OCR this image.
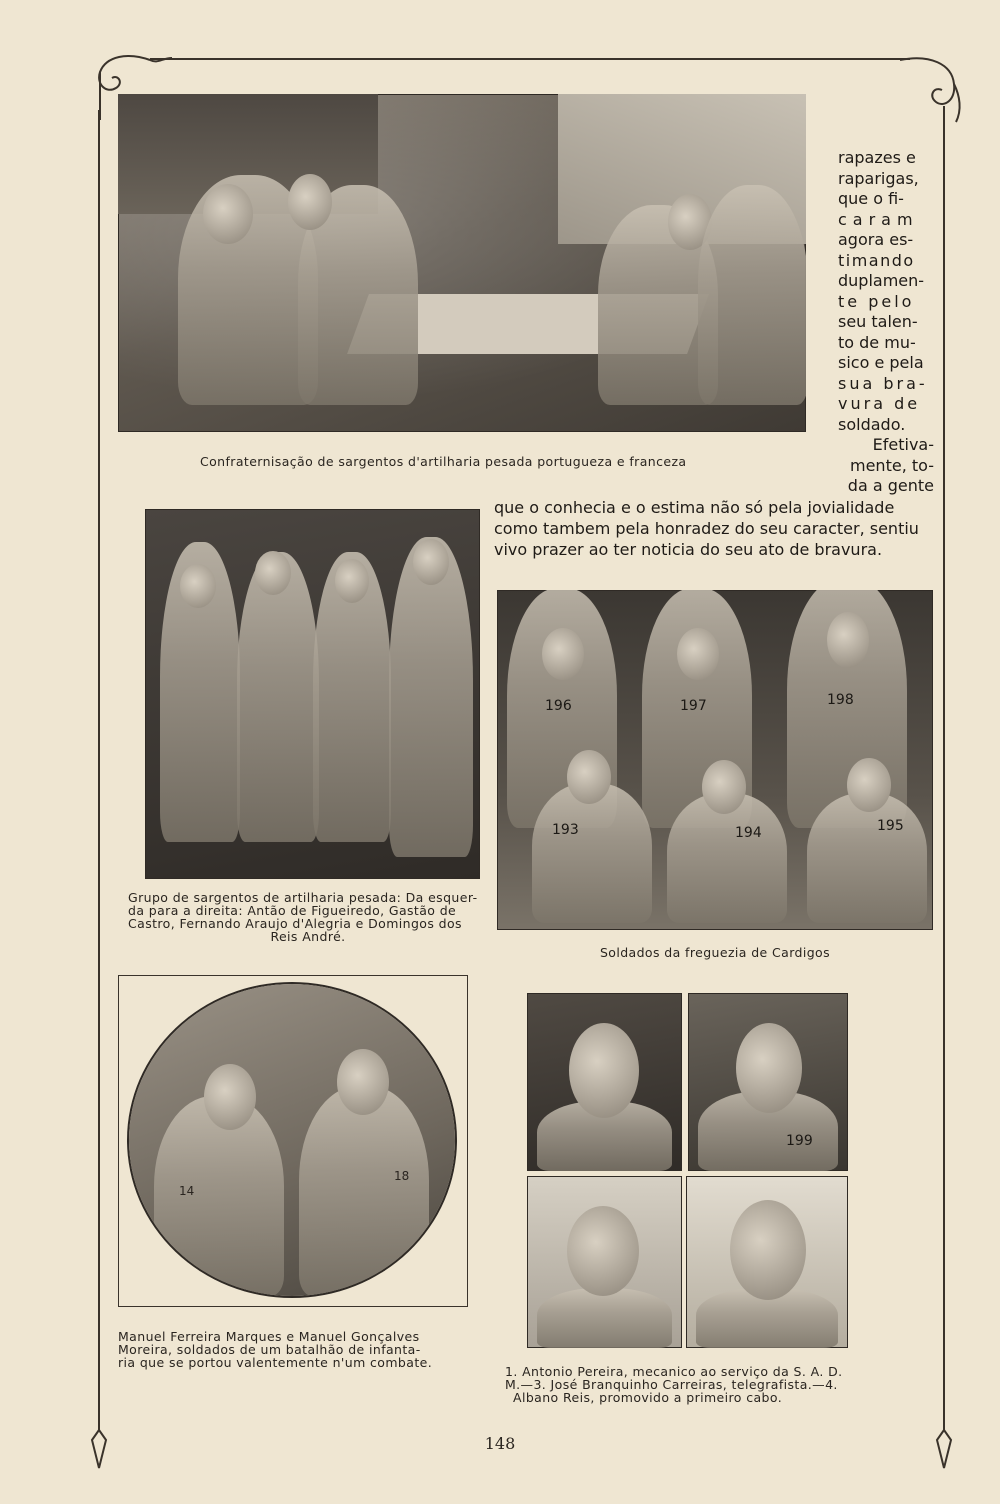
Confraternisação de sargentos d'artilharia pesada portugueza e franceza
rapazes e
raparigas,
que o fi-
caram
agora es-
timando
duplamen-
te pelo
seu talen-
to de mu-
sico e pela
sua bra-
vura de
soldado.
Efetiva-
mente, to-
da a gente
que o conhecia e o estima não só pela jovialidade
como tambem pela honradez do seu caracter, sentiu
vivo prazer ao ter noticia do seu ato de bravura.
Grupo de sargentos de artilharia pesada: Da esquer-
da para a direita: Antão de Figueiredo, Gastão de
Castro, Fernando Araujo d'Alegria e Domingos dos
Reis André.
196	197	198
193	194	195
Soldados da freguezia de Cardigos
14
18
Manuel Ferreira Marques e Manuel Gonçalves
Moreira, soldados de um batalhão de infanta-
ria que se portou valentemente n'um combate.
199
1. Antonio Pereira, mecanico ao serviço da S. A. D.
M.—3. José Branquinho Carreiras, telegrafista.—4.
Albano Reis, promovido a primeiro cabo.
148
